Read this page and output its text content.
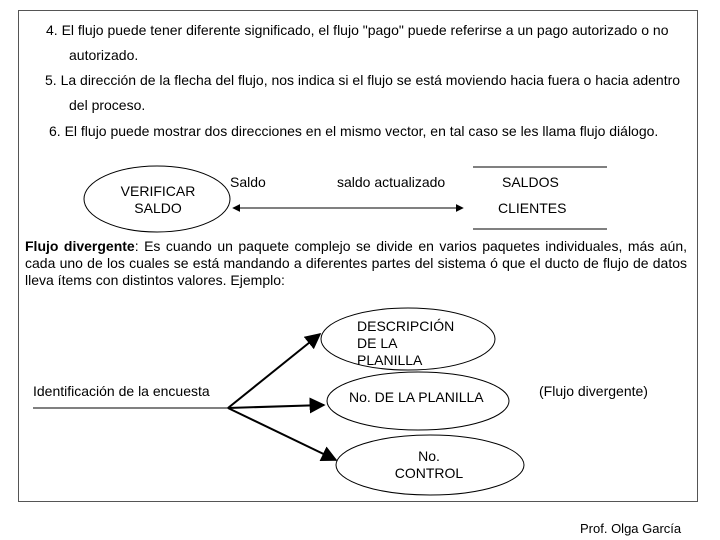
4. El flujo puede tener diferente significado, el flujo "pago" puede referirse a un pago autorizado o no
autorizado.
5. La dirección de la flecha del flujo, nos indica si el flujo se está moviendo hacia fuera o hacia adentro
del proceso.
6. El flujo puede mostrar dos direcciones en el mismo vector, en tal caso se les llama flujo diálogo.
VERIFICAR
SALDO
Saldo	saldo actualizado	SALDOS
CLIENTES
Flujo divergente: Es cuando un paquete complejo se divide en varios paquetes individuales, más aún, cada uno de los cuales se está mandando a diferentes partes del sistema ó que el ducto de flujo de datos lleva ítems con distintos valores. Ejemplo:
Identificación de la encuesta
DESCRIPCIÓN
DE LA
PLANILLA
No. DE LA PLANILLA
No.
CONTROL
(Flujo divergente)
Prof. Olga García
